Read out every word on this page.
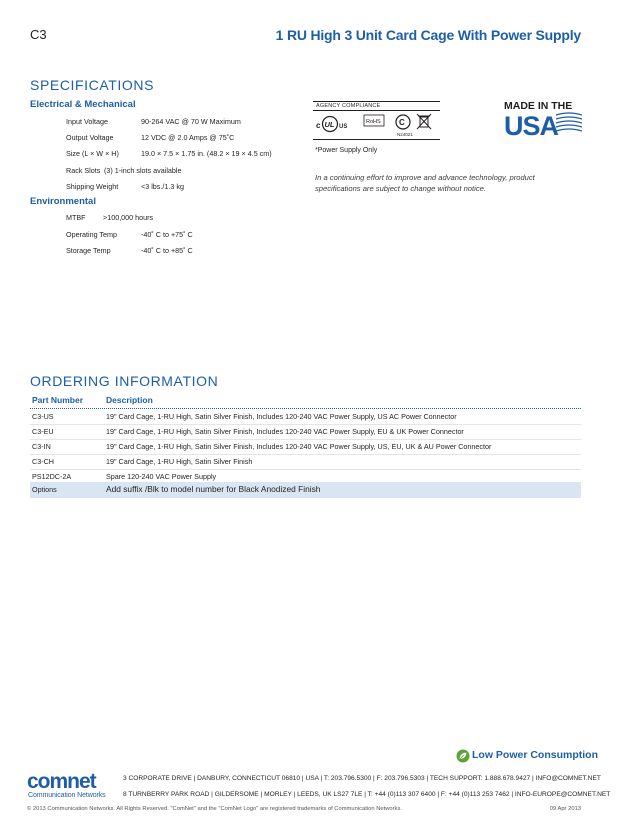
C3	1 RU High 3 Unit Card Cage With Power Supply
SPECIFICATIONS
Electrical & Mechanical
Input Voltage	90-264 VAC @ 70 W Maximum
Output Voltage	12 VDC @ 2.0 Amps @ 75˚C
Size (L × W × H)	19.0 × 7.5 × 1.75 in. (48.2 × 19 × 4.5 cm)
Rack Slots (3) 1-inch slots available
Shipping Weight	<3 lbs./1.3 kg
Environmental
MTBF >100,000 hours
Operating Temp	-40˚ C to +75˚ C
Storage Temp	-40˚ C to +85˚ C
AGENCY COMPLIANCE
c UL US
RoHS C
N24021
*Power Supply Only
In a continuing effort to improve and advance technology, product specifications are subject to change without notice.
MADE IN THE
USA
ORDERING INFORMATION
Part Number	Description
C3-US	19" Card Cage, 1-RU High, Satin Silver Finish, Includes 120-240 VAC Power Supply, US AC Power Connector
C3-EU	19" Card Cage, 1-RU High, Satin Silver Finish, Includes 120-240 VAC Power Supply, EU & UK Power Connector
C3-IN	19" Card Cage, 1-RU High, Satin Silver Finish, Includes 120-240 VAC Power Supply, US, EU, UK & AU Power Connector
C3-CH	19" Card Cage, 1-RU High, Satin Silver Finish
PS12DC-2A	Spare 120-240 VAC Power Supply
Options	Add suffix /Blk to model number for Black Anodized Finish
Low Power Consumption
comnet
Communication Networks
3 CORPORATE DRIVE | DANBURY, CONNECTICUT 06810 | USA | T: 203.796.5300 | F: 203.796.5303 | TECH SUPPORT: 1.888.678.9427 | INFO@COMNET.NET
8 TURNBERRY PARK ROAD | GILDERSOME | MORLEY | LEEDS, UK LS27 7LE | T: +44 (0)113 307 6400 | F: +44 (0)113 253 7462 | INFO-EUROPE@COMNET.NET
© 2013 Communication Networks. All Rights Reserved. "ComNet" and the "ComNet Logo" are registered trademarks of Communication Networks.	09 Apr 2013
